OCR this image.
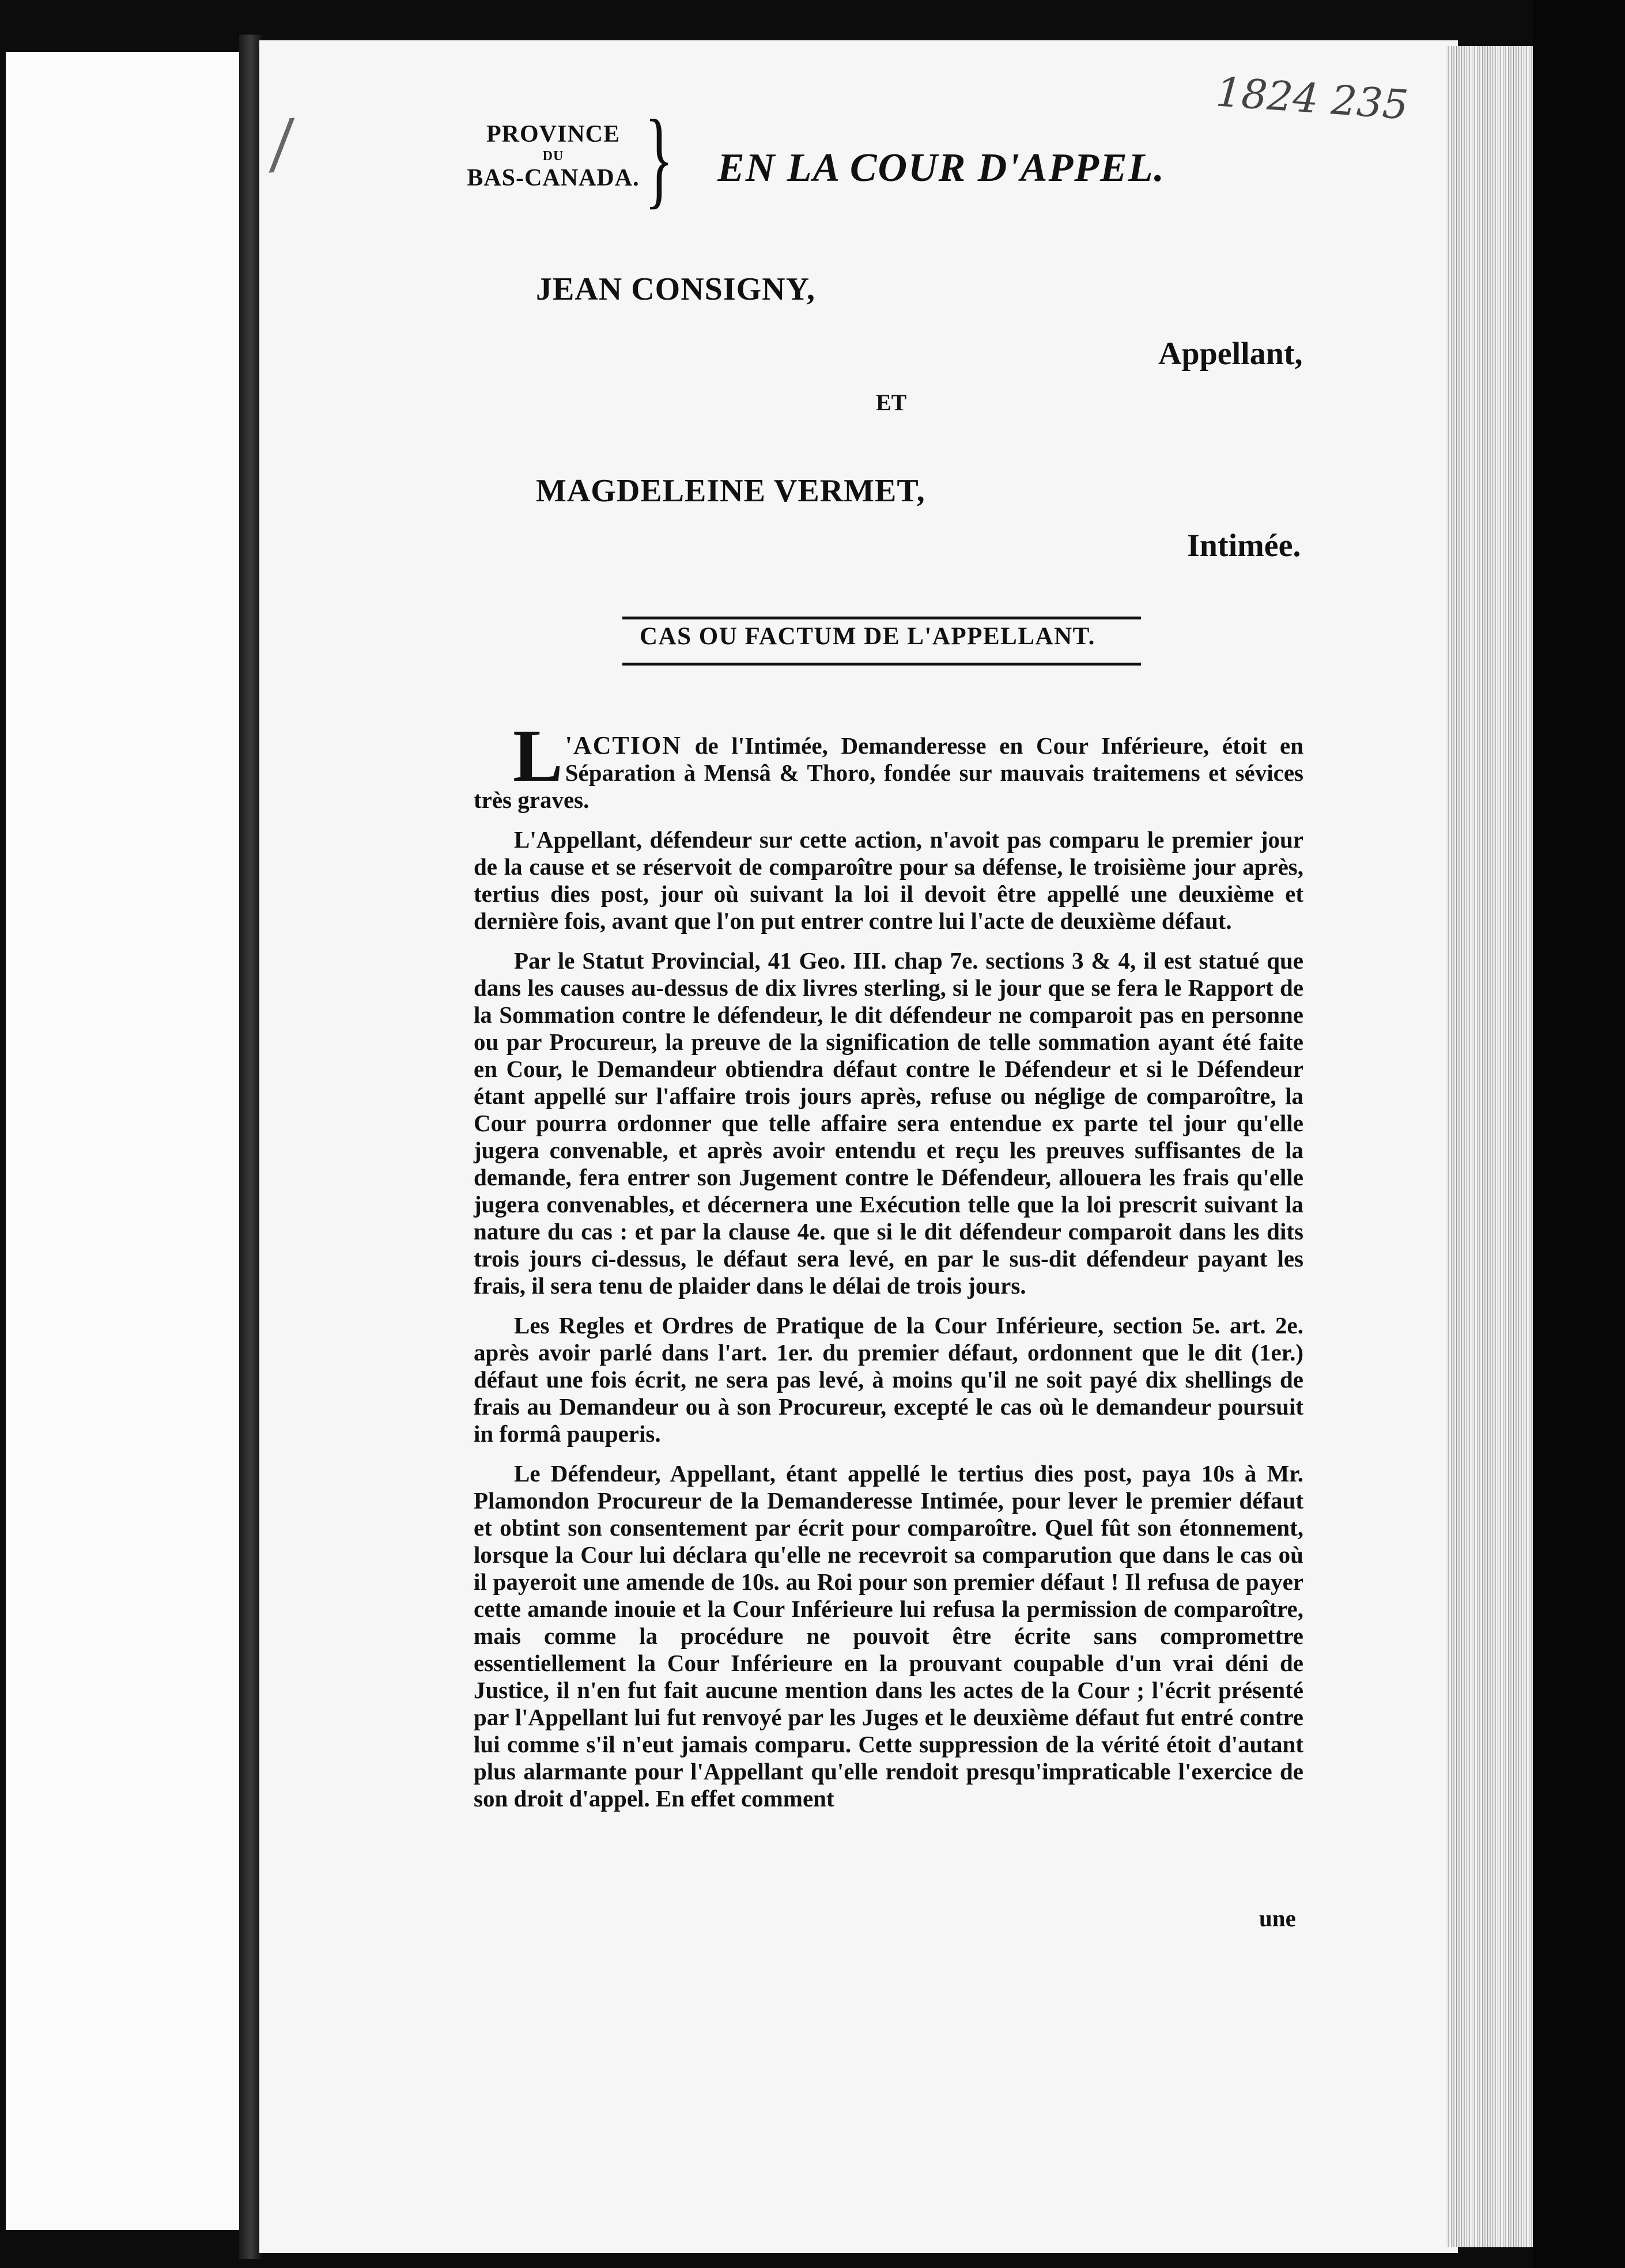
/
1824 235
PROVINCE

DU
BAS-CANADA. } EN LA COUR D'APPEL.
JEAN CONSIGNY,
Appellant,
ET
MAGDELEINE VERMET,
Intimée.
CAS OU FACTUM DE L'APPELLANT.

L 'ACTION de l'Intimée, Demanderesse en Cour Inférieure, étoit en Séparation à Mensâ & Thoro, fondée sur mauvais traitemens et sévices très graves.

L'Appellant, défendeur sur cette action, n'avoit pas comparu le premier jour de la cause et se réservoit de comparoître pour sa défense, le troisième jour après, tertius dies post, jour où suivant la loi il devoit être appellé une deuxième et dernière fois, avant que l'on put entrer contre lui l'acte de deuxième défaut.

Par le Statut Provincial, 41 Geo. III. chap 7e. sections 3 & 4, il est statué que dans les causes au-dessus de dix livres sterling, si le jour que se fera le Rapport de la Sommation contre le défendeur, le dit défendeur ne comparoit pas en personne ou par Procureur, la preuve de la signification de telle sommation ayant été faite en Cour, le Demandeur obtiendra défaut contre le Défendeur et si le Défendeur étant appellé sur l'affaire trois jours après, refuse ou néglige de comparoître, la Cour pourra ordonner que telle affaire sera entendue ex parte tel jour qu'elle jugera convenable, et après avoir entendu et reçu les preuves suffisantes de la demande, fera entrer son Jugement contre le Défendeur, allouera les frais qu'elle jugera convenables, et décernera une Exécution telle que la loi prescrit suivant la nature du cas : et par la clause 4e. que si le dit défendeur comparoit dans les dits trois jours ci-dessus, le défaut sera levé, en par le sus-dit défendeur payant les frais, il sera tenu de plaider dans le délai de trois jours.

Les Regles et Ordres de Pratique de la Cour Inférieure, section 5e. art. 2e. après avoir parlé dans l'art. 1er. du premier défaut, ordonnent que le dit (1er.) défaut une fois écrit, ne sera pas levé, à moins qu'il ne soit payé dix shellings de frais au Demandeur ou à son Procureur, excepté le cas où le demandeur poursuit in formâ pauperis.

Le Défendeur, Appellant, étant appellé le tertius dies post, paya 10s à Mr. Plamondon Procureur de la Demanderesse Intimée, pour lever le premier défaut et obtint son consentement par écrit pour comparoître. Quel fût son étonnement, lorsque la Cour lui déclara qu'elle ne recevroit sa comparution que dans le cas où il payeroit une amende de 10s. au Roi pour son premier défaut ! Il refusa de payer cette amande inouie et la Cour Inférieure lui refusa la permission de comparoître, mais comme la procédure ne pouvoit être écrite sans compromettre essentiellement la Cour Inférieure en la prouvant coupable d'un vrai déni de Justice, il n'en fut fait aucune mention dans les actes de la Cour ; l'écrit présenté par l'Appellant lui fut renvoyé par les Juges et le deuxième défaut fut entré contre lui comme s'il n'eut jamais comparu. Cette suppression de la vérité étoit d'autant plus alarmante pour l'Appellant qu'elle rendoit presqu'impraticable l'exercice de son droit d'appel. En effet comment

une
